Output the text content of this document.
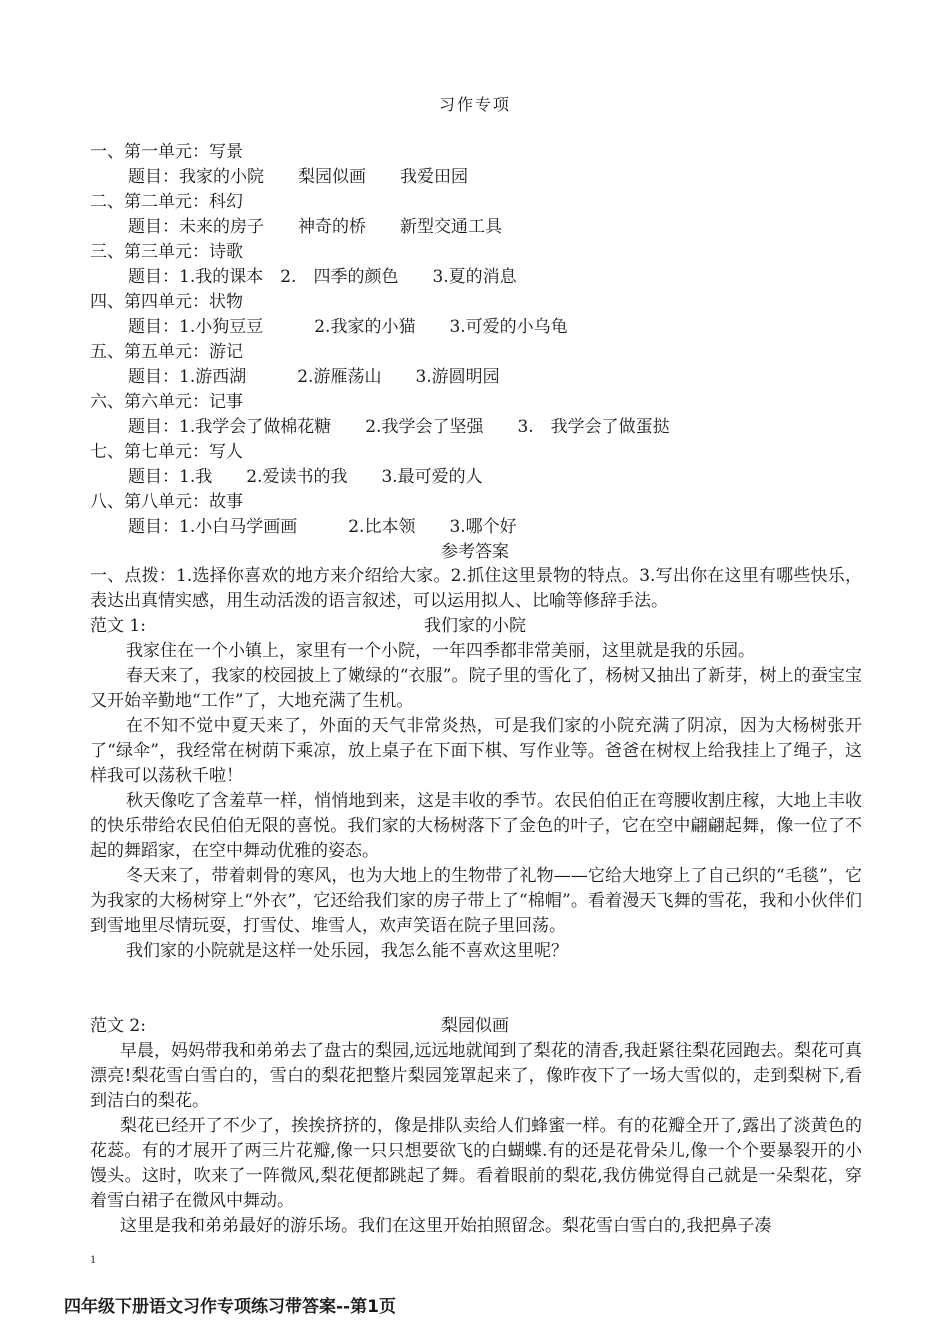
习作专项
一、第一单元：写景
题目：我家的小院　　梨园似画　　我爱田园
二、第二单元：科幻
题目：未来的房子　　神奇的桥　　新型交通工具
三、第三单元：诗歌
题目：1.我的课本　2.　四季的颜色　　3.夏的消息
四、第四单元：状物
题目：1.小狗豆豆　　　2.我家的小猫　　3.可爱的小乌龟
五、第五单元：游记
题目：1.游西湖　　　2.游雁荡山　　3.游圆明园
六、第六单元：记事
题目：1.我学会了做棉花糖　　2.我学会了坚强　　3.　我学会了做蛋挞
七、第七单元：写人
题目：1.我　　2.爱读书的我　　3.最可爱的人
八、第八单元：故事
题目：1.小白马学画画　　　2.比本领　　3.哪个好
参考答案
一、点拨：1.选择你喜欢的地方来介绍给大家。2.抓住这里景物的特点。3.写出你在这里有哪些快乐，表达出真情实感，用生动活泼的语言叙述，可以运用拟人、比喻等修辞手法。
范文 1:	我们家的小院
我家住在一个小镇上，家里有一个小院，一年四季都非常美丽，这里就是我的乐园。
春天来了，我家的校园披上了嫩绿的“衣服”。院子里的雪化了，杨树又抽出了新芽，树上的蚕宝宝又开始辛勤地“工作”了，大地充满了生机。
在不知不觉中夏天来了，外面的天气非常炎热，可是我们家的小院充满了阴凉，因为大杨树张开了“绿伞”，我经常在树荫下乘凉，放上桌子在下面下棋、写作业等。爸爸在树杈上给我挂上了绳子，这样我可以荡秋千啦！
秋天像吃了含羞草一样，悄悄地到来，这是丰收的季节。农民伯伯正在弯腰收割庄稼，大地上丰收的快乐带给农民伯伯无限的喜悦。我们家的大杨树落下了金色的叶子，它在空中翩翩起舞，像一位了不起的舞蹈家，在空中舞动优雅的姿态。
冬天来了，带着刺骨的寒风，也为大地上的生物带了礼物——它给大地穿上了自己织的“毛毯”，它为我家的大杨树穿上“外衣”，它还给我们家的房子带上了“棉帽”。看着漫天飞舞的雪花，我和小伙伴们到雪地里尽情玩耍，打雪仗、堆雪人，欢声笑语在院子里回荡。
我们家的小院就是这样一处乐园，我怎么能不喜欢这里呢？
范文 2:	梨园似画
早晨，妈妈带我和弟弟去了盘古的梨园,远远地就闻到了梨花的清香,我赶紧往梨花园跑去。梨花可真漂亮!梨花雪白雪白的，雪白的梨花把整片梨园笼罩起来了，像昨夜下了一场大雪似的，走到梨树下,看到洁白的梨花。
梨花已经开了不少了，挨挨挤挤的，像是排队卖给人们蜂蜜一样。有的花瓣全开了,露出了淡黄色的花蕊。有的才展开了两三片花瓣,像一只只想要欲飞的白蝴蝶.有的还是花骨朵儿,像一个个要暴裂开的小馒头。这时，吹来了一阵微风,梨花便都跳起了舞。看着眼前的梨花,我仿佛觉得自己就是一朵梨花，穿着雪白裙子在微风中舞动。
这里是我和弟弟最好的游乐场。我们在这里开始拍照留念。梨花雪白雪白的,我把鼻子凑
1
四年级下册语文习作专项练习带答案--第1页
